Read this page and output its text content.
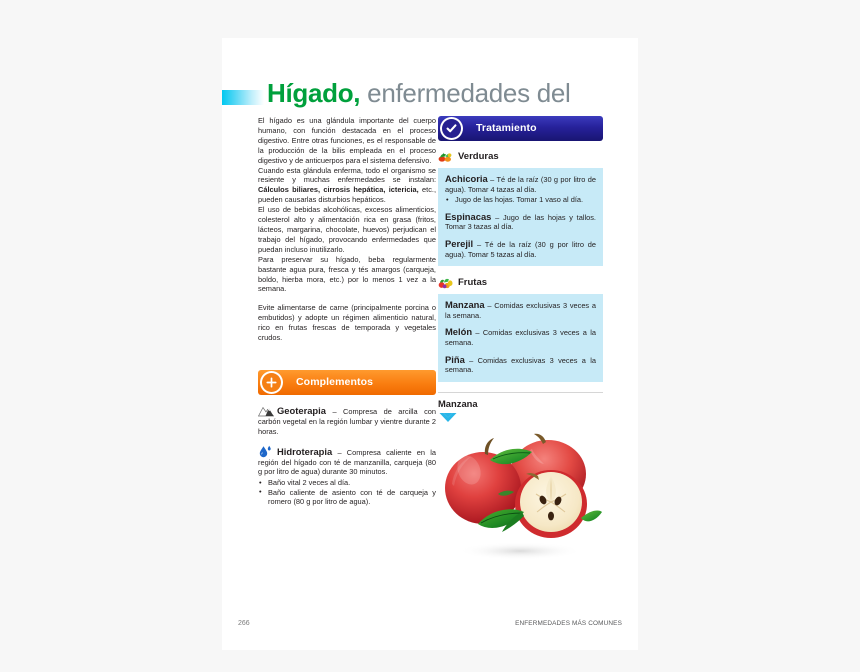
Hígado, enfermedades del

El hígado es una glándula importante del cuerpo humano, con función destacada en el proceso digestivo. Entre otras funciones, es el responsable de la producción de la bilis empleada en el proceso digestivo y de anticuerpos para el sistema defensivo.

Cuando esta glándula enferma, todo el organismo se resiente y muchas enfermedades se instalan: Cálculos biliares, cirrosis hepática, ictericia, etc., pueden causarlas disturbios hepáticos.

El uso de bebidas alcohólicas, excesos alimenticios, colesterol alto y alimentación rica en grasa (fritos, lácteos, margarina, chocolate, huevos) perjudican el trabajo del hígado, provocando enfermedades que puedan incluso inutilizarlo.

Para preservar su hígado, beba regularmente bastante agua pura, fresca y tés amargos (carqueja, boldo, hierba mora, etc.) por lo menos 1 vez a la semana.

Evite alimentarse de carne (principalmente porcina o embutidos) y adopte un régimen alimenticio natural, rico en frutas frescas de temporada y vegetales crudos.

Complementos
Geoterapia – Compresa de arcilla con carbón vegetal en la región lumbar y vientre durante 2 horas.
Hidroterapia – Compresa caliente en la región del hígado con té de manzanilla, carqueja (80 g por litro de agua) durante 30 minutos.
• Baño vital 2 veces al día.
• Baño caliente de asiento con té de carqueja y romero (80 g por litro de agua).
Tratamiento
Verduras
Achicoria – Té de la raíz (30 g por litro de agua). Tomar 4 tazas al día.
• Jugo de las hojas. Tomar 1 vaso al día.
Espinacas – Jugo de las hojas y tallos. Tomar 3 tazas al día.
Perejil – Té de la raíz (30 g por litro de agua). Tomar 5 tazas al día.
Frutas
Manzana – Comidas exclusivas 3 veces a la semana.
Melón – Comidas exclusivas 3 veces a la semana.
Piña – Comidas exclusivas 3 veces a la semana.
Manzana
266	ENFERMEDADES MÁS COMUNES
